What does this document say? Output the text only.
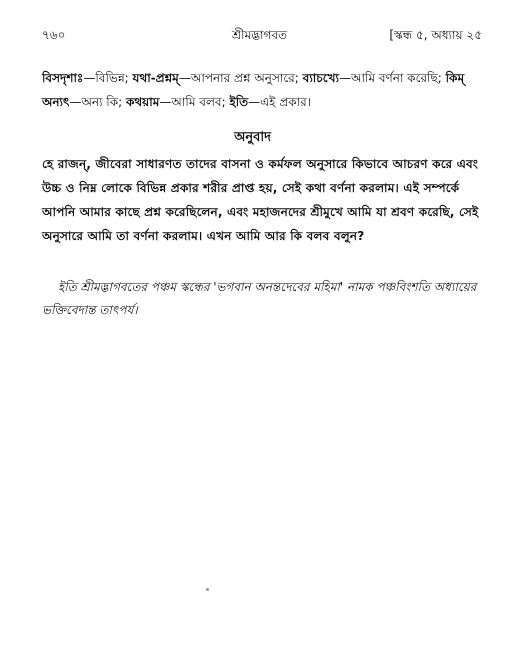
৭৬০	শ্রীমদ্ভাগবত	[স্কন্ধ ৫, অধ্যায় ২৫
বিসদৃশাঃ—বিভিন্ন; যথা-প্রশ্নম্—আপনার প্রশ্ন অনুসারে; ব্যাচখ্যে—আমি বর্ণনা করেছি; কিম্ অন্যৎ—অন্য কি; কথয়াম—আমি বলব; ইতি—এই প্রকার।
অনুবাদ
হে রাজন্, জীবেরা সাধারণত তাদের বাসনা ও কর্মফল অনুসারে কিভাবে আচরণ করে এবং উচ্চ ও নিম্ন লোকে বিভিন্ন প্রকার শরীর প্রাপ্ত হয়, সেই কথা বর্ণনা করলাম। এই সম্পর্কে আপনি আমার কাছে প্রশ্ন করেছিলেন, এবং মহাজনদের শ্রীমুখে আমি যা শ্রবণ করেছি, সেই অনুসারে আমি তা বর্ণনা করলাম। এখন আমি আর কি বলব বলুন?
ইতি শ্রীমদ্ভাগবতের পঞ্চম স্কন্ধের 'ভগবান অনন্তদেবের মহিমা' নামক পঞ্চবিংশতি অধ্যায়ের ভক্তিবেদান্ত তাৎপর্য।
